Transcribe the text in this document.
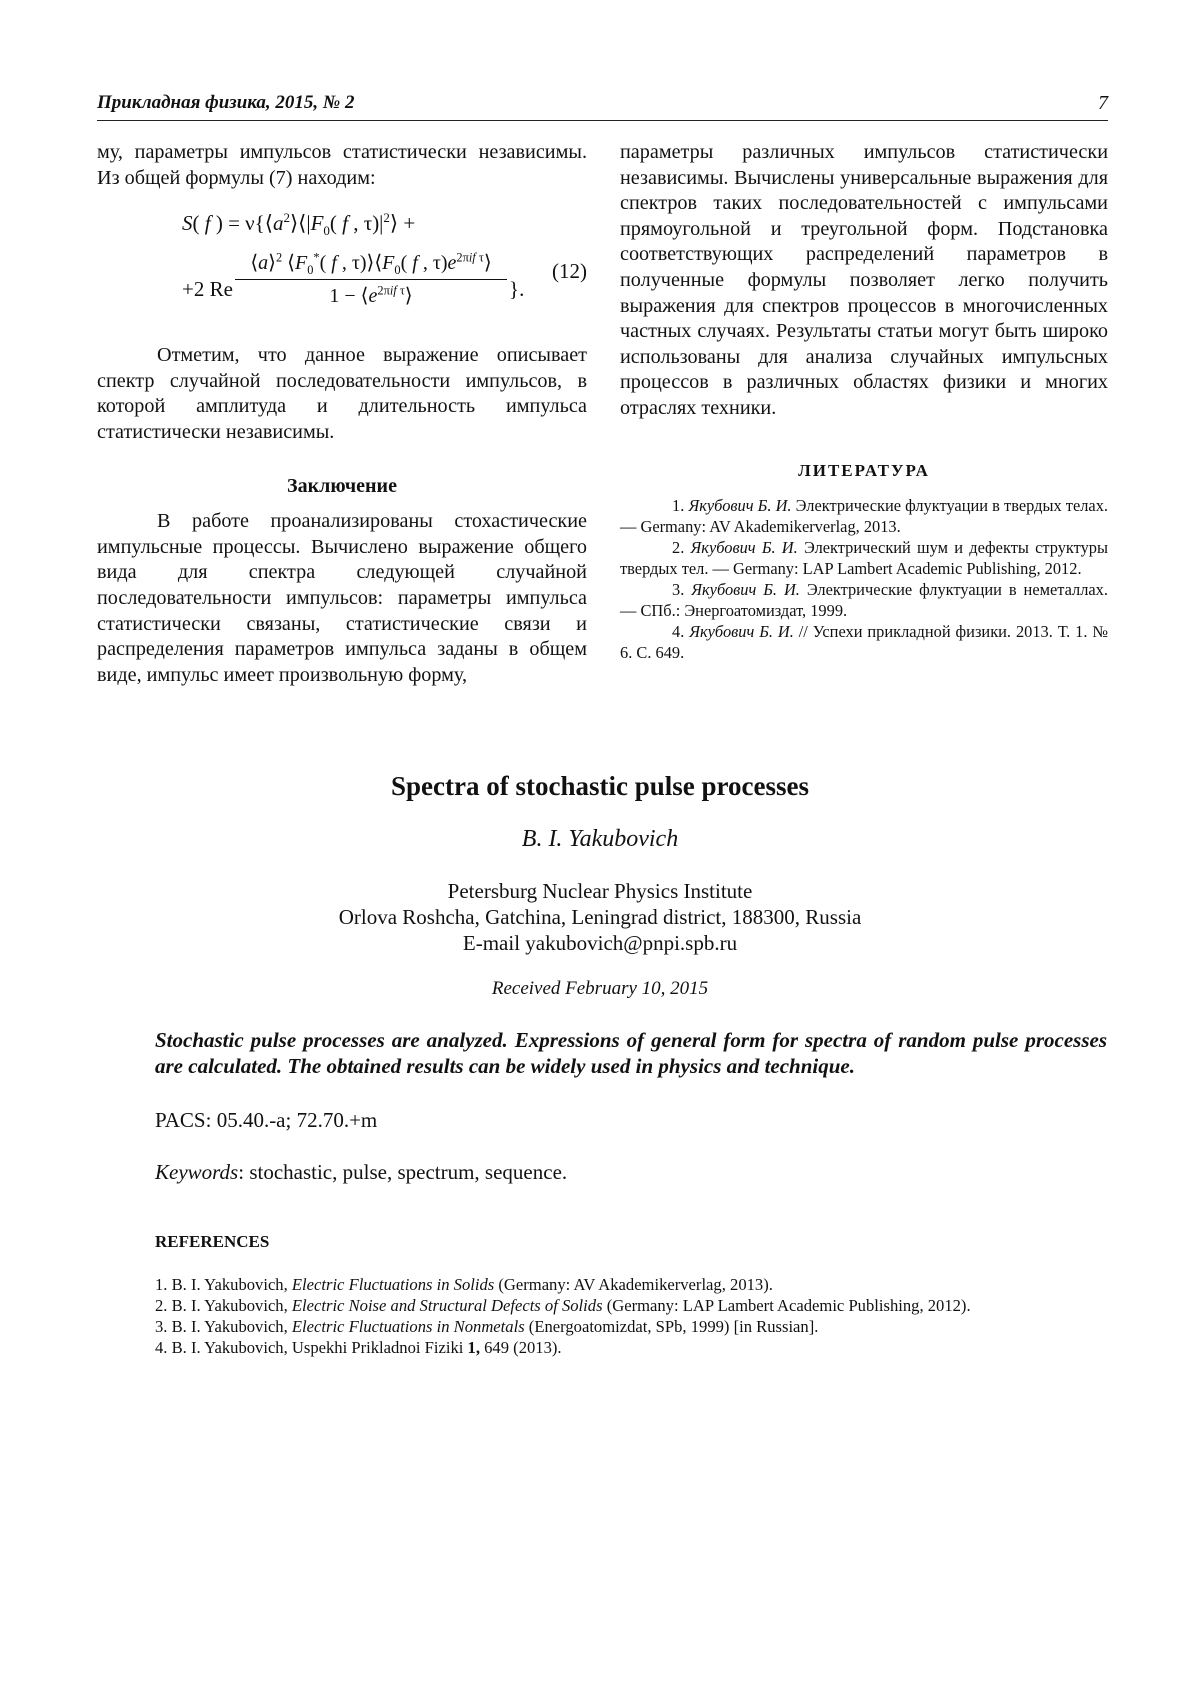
Прикладная физика, 2015, № 2	7

му, параметры импульсов статистически независимы. Из общей формулы (7) находим:

S( f ) = $\nu\{⟨a^2⟩⟨|F_0$( f , $\tau)|^2⟩$ +
+2 Re
⟨a⟩$^2$ $⟨F_0^*$( f , $\tau)⟩⟨F_0$( f , $\tau)e^{2\pi if \tau}⟩$
$1 - ⟨e^{2\pi if \tau}⟩$	}.
(12)

Отметим, что данное выражение описывает спектр случайной последовательности импульсов, в которой амплитуда и длительность импульса статистически независимы.

Заключение

В работе проанализированы стохастические импульсные процессы. Вычислено выражение общего вида для спектра следующей случайной последовательности импульсов: параметры импульса статистически связаны, статистические связи и распределения параметров импульса заданы в общем виде, импульс имеет произвольную форму,

параметры различных импульсов статистически независимы. Вычислены универсальные выражения для спектров таких последовательностей с импульсами прямоугольной и треугольной форм. Подстановка соответствующих распределений параметров в полученные формулы позволяет легко получить выражения для спектров процессов в многочисленных частных случаях. Результаты статьи могут быть широко использованы для анализа случайных импульсных процессов в различных областях физики и многих отраслях техники.

ЛИТЕРАТУРА

1. Якубович Б. И. Электрические флуктуации в твердых телах. — Germany: AV Akademikerverlag, 2013.

2. Якубович Б. И. Электрический шум и дефекты структуры твердых тел. — Germany: LAP Lambert Academic Publishing, 2012.

3. Якубович Б. И. Электрические флуктуации в неметаллах. — СПб.: Энергоатомиздат, 1999.

4. Якубович Б. И. // Успехи прикладной физики. 2013. Т. 1. № 6. С. 649.

Spectra of stochastic pulse processes
B. I. Yakubovich
Petersburg Nuclear Physics Institute
Orlova Roshcha, Gatchina, Leningrad district, 188300, Russia
E-mail yakubovich@pnpi.spb.ru
Received February 10, 2015
Stochastic pulse processes are analyzed. Expressions of general form for spectra of random pulse processes are calculated. The obtained results can be widely used in physics and technique.
PACS: 05.40.-a; 72.70.+m
Keywords: stochastic, pulse, spectrum, sequence.
REFERENCES
1. B. I. Yakubovich, Electric Fluctuations in Solids (Germany: AV Akademikerverlag, 2013).
2. B. I. Yakubovich, Electric Noise and Structural Defects of Solids (Germany: LAP Lambert Academic Publishing, 2012).
3. B. I. Yakubovich, Electric Fluctuations in Nonmetals (Energoatomizdat, SPb, 1999) [in Russian].
4. B. I. Yakubovich, Uspekhi Prikladnoi Fiziki 1, 649 (2013).
